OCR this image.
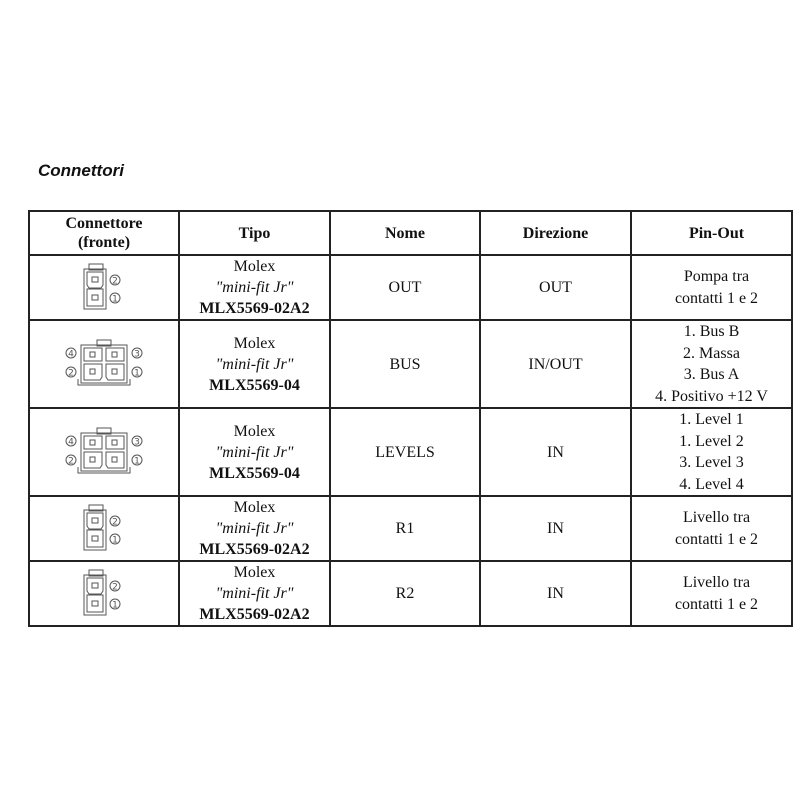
Connettori
Connettore
(fronte)	Tipo	Nome	Direzione	Pin-Out

2
1	Molex
"mini-fit Jr"
MLX5569-02A2	OUT	OUT	Pompa tra
contatti 1 e 2

4 3
2 1	Molex
"mini-fit Jr"
MLX5569-04	BUS	IN/OUT	1. Bus B
2. Massa
3. Bus A
4. Positivo +12 V

4 3
2 1	Molex
"mini-fit Jr"
MLX5569-04	LEVELS	IN	1. Level 1
1. Level 2
3. Level 3
4. Level 4

2
1	Molex
"mini-fit Jr"
MLX5569-02A2	R1	IN	Livello tra
contatti 1 e 2

2
1	Molex
"mini-fit Jr"
MLX5569-02A2	R2	IN	Livello tra
contatti 1 e 2
